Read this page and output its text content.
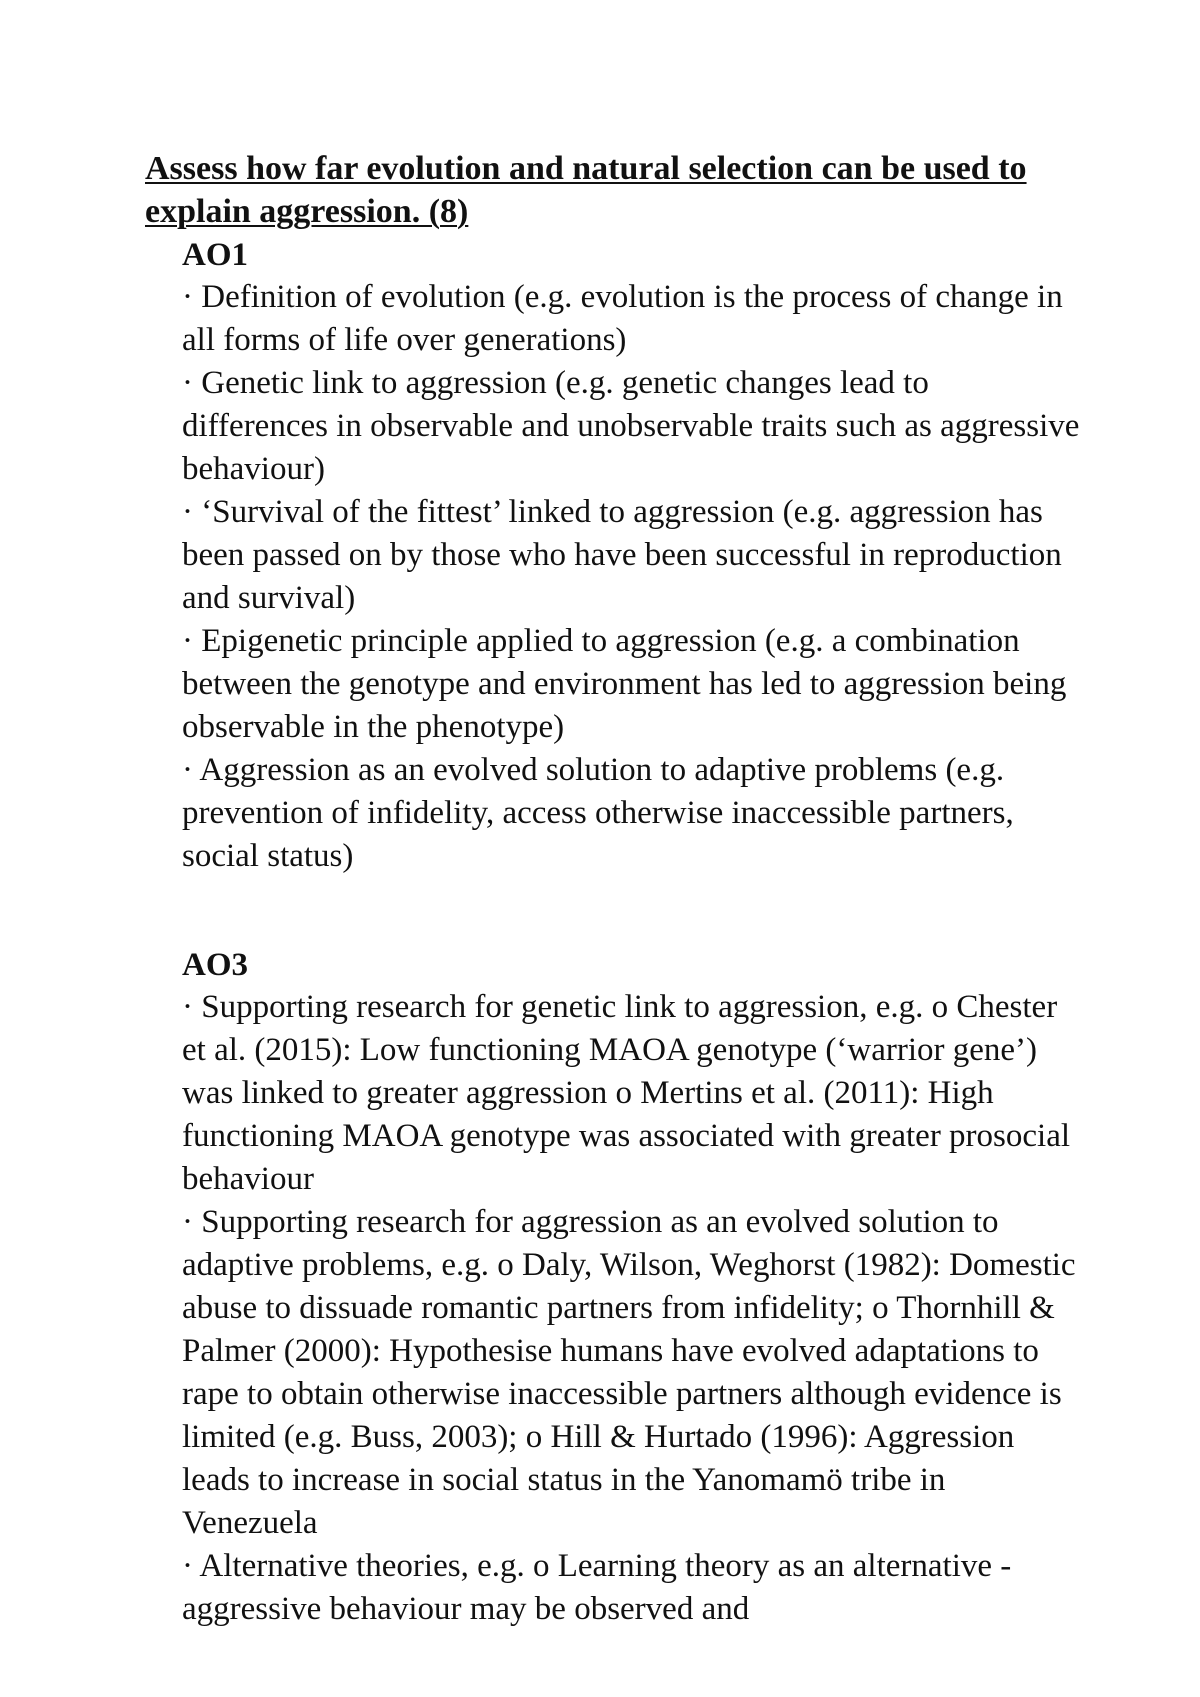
Assess how far evolution and natural selection can be used to explain aggression. (8)
AO1
· Definition of evolution (e.g. evolution is the process of change in all forms of life over generations)
· Genetic link to aggression (e.g. genetic changes lead to differences in observable and unobservable traits such as aggressive behaviour)
· ‘Survival of the fittest’ linked to aggression (e.g. aggression has been passed on by those who have been successful in reproduction and survival)
· Epigenetic principle applied to aggression (e.g. a combination between the genotype and environment has led to aggression being observable in the phenotype)
· Aggression as an evolved solution to adaptive problems (e.g. prevention of infidelity, access otherwise inaccessible partners, social status)
AO3
· Supporting research for genetic link to aggression, e.g. o Chester et al. (2015): Low functioning MAOA genotype (‘warrior gene’) was linked to greater aggression o Mertins et al. (2011): High functioning MAOA genotype was associated with greater prosocial behaviour
· Supporting research for aggression as an evolved solution to adaptive problems, e.g. o Daly, Wilson, Weghorst (1982): Domestic abuse to dissuade romantic partners from infidelity; o Thornhill & Palmer (2000): Hypothesise humans have evolved adaptations to rape to obtain otherwise inaccessible partners although evidence is limited (e.g. Buss, 2003); o Hill & Hurtado (1996): Aggression leads to increase in social status in the Yanomamö tribe in Venezuela
· Alternative theories, e.g. o Learning theory as an alternative - aggressive behaviour may be observed and
